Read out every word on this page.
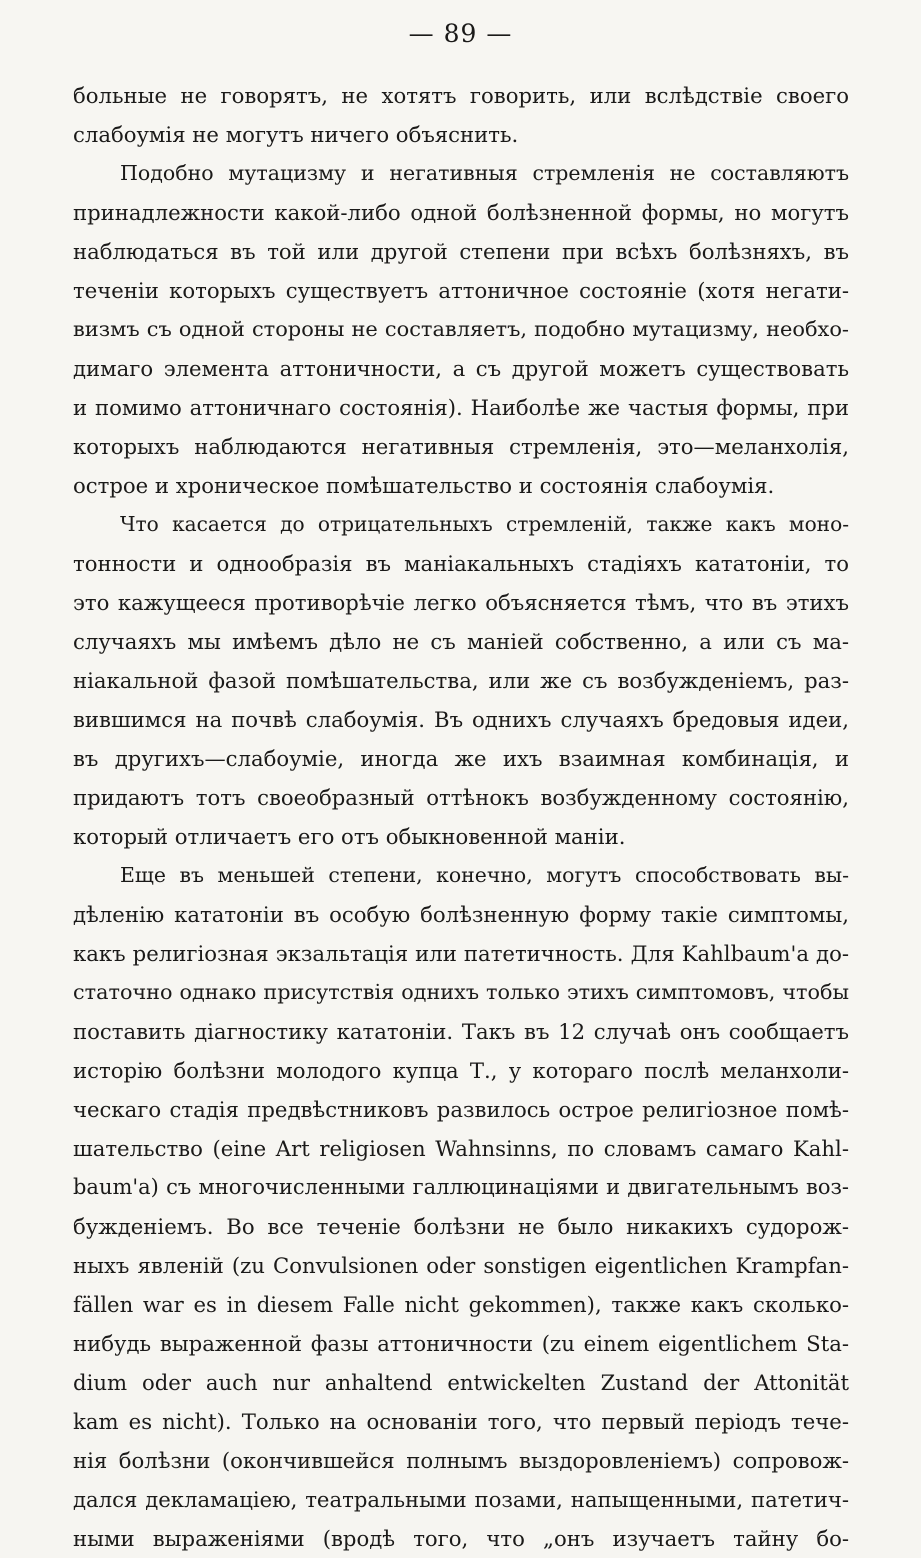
— 89 —
больные не говорятъ, не хотятъ говорить, или вслѣдствіе своего
слабоумія не могутъ ничего объяснить.
Подобно мутацизму и негативныя стремленія не составляютъ
принадлежности какой-либо одной болѣзненной формы, но могутъ
наблюдаться въ той или другой степени при всѣхъ болѣзняхъ, въ
теченіи которыхъ существуетъ аттоничное состояніе (хотя негати-
визмъ съ одной стороны не составляетъ, подобно мутацизму, необхо-
димаго элемента аттоничности, а съ другой можетъ существовать
и помимо аттоничнаго состоянія). Наиболѣе же частыя формы, при
которыхъ наблюдаются негативныя стремленія, это—меланхолія,
острое и хроническое помѣшательство и состоянія слабоумія.
Что касается до отрицательныхъ стремленій, также какъ моно-
тонности и однообразія въ маніакальныхъ стадіяхъ кататоніи, то
это кажущееся противорѣчіе легко объясняется тѣмъ, что въ этихъ
случаяхъ мы имѣемъ дѣло не съ маніей собственно, а или съ ма-
ніакальной фазой помѣшательства, или же съ возбужденіемъ, раз-
вившимся на почвѣ слабоумія. Въ однихъ случаяхъ бредовыя идеи,
въ другихъ—слабоуміе, иногда же ихъ взаимная комбинація, и
придаютъ тотъ своеобразный оттѣнокъ возбужденному состоянію,
который отличаетъ его отъ обыкновенной маніи.
Еще въ меньшей степени, конечно, могутъ способствовать вы-
дѣленію кататоніи въ особую болѣзненную форму такіе симптомы,
какъ религіозная экзальтація или патетичность. Для Kahlbaum'а до-
статочно однако присутствія однихъ только этихъ симптомовъ, чтобы
поставить діагностику кататоніи. Такъ въ 12 случаѣ онъ сообщаетъ
исторію болѣзни молодого купца Т., у котораго послѣ меланхоли-
ческаго стадія предвѣстниковъ развилось острое религіозное помѣ-
шательство (eine Art religiosen Wahnsinns, по словамъ самаго Kahl-
baum'а) съ многочисленными галлюцинаціями и двигательнымъ воз-
бужденіемъ. Во все теченіе болѣзни не было никакихъ судорож-
ныхъ явленій (zu Convulsionen oder sonstigen eigentlichen Krampfan-
fällen war es in diesem Falle nicht gekommen), также какъ сколько-
нибудь выраженной фазы аттоничности (zu einem eigentlichem Sta-
dium oder auch nur anhaltend entwickelten Zustand der Attonität
kam es nicht). Только на основаніи того, что первый періодъ тече-
нія болѣзни (окончившейся полнымъ выздоровленіемъ) сопровож-
дался декламаціею, театральными позами, напыщенными, патетич-
ными выраженіями (вродѣ того, что „онъ изучаетъ тайну бо-
